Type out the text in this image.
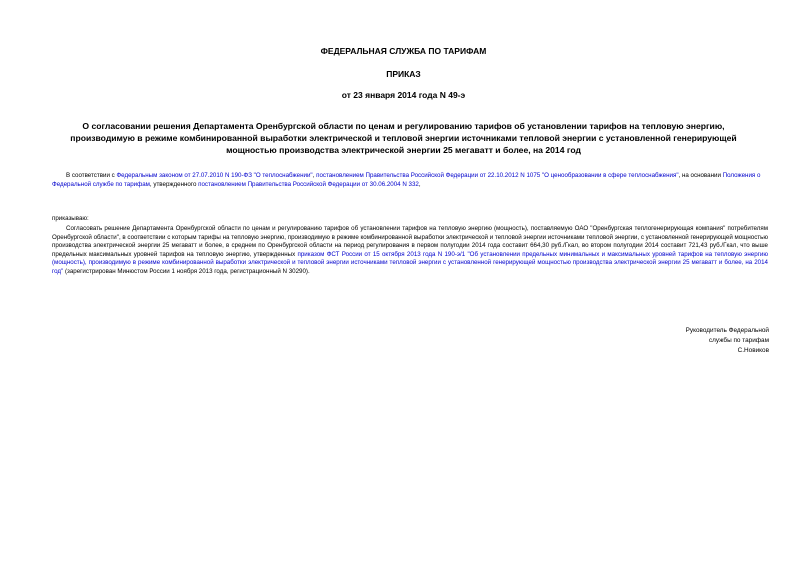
ФЕДЕРАЛЬНАЯ СЛУЖБА ПО ТАРИФАМ
ПРИКАЗ
от 23 января 2014 года N 49-э
О согласовании решения Департамента Оренбургской области по ценам и регулированию тарифов об установлении тарифов на тепловую энергию, производимую в режиме комбинированной выработки электрической и тепловой энергии источниками тепловой энергии с установленной генерирующей мощностью производства электрической энергии 25 мегаватт и более, на 2014 год
В соответствии с Федеральным законом от 27.07.2010 N 190-ФЗ "О теплоснабжении", постановлением Правительства Российской Федерации от 22.10.2012 N 1075 "О ценообразовании в сфере теплоснабжения", на основании Положения о Федеральной службе по тарифам, утвержденного постановлением Правительства Российской Федерации от 30.06.2004 N 332,
приказываю:
Согласовать решение Департамента Оренбургской области по ценам и регулированию тарифов об установлении тарифов на тепловую энергию (мощность), поставляемую ОАО "Оренбургская теплогенерирующая компания" потребителям Оренбургской области", в соответствии с которым тарифы на тепловую энергию, производимую в режиме комбинированной выработки электрической и тепловой энергии источниками тепловой энергии, с установленной генерирующей мощностью производства электрической энергии 25 мегаватт и более, в среднем по Оренбургской области на период регулирования в первом полугодии 2014 года составит 664,30 руб./Гкал, во втором полугодии 2014 составит 721,43 руб./Гкал, что выше предельных максимальных уровней тарифов на тепловую энергию, утвержденных приказом ФСТ России от 15 октября 2013 года N 190-э/1 "Об установлении предельных минимальных и максимальных уровней тарифов на тепловую энергию (мощность), производимую в режиме комбинированной выработки электрической и тепловой энергии источниками тепловой энергии с установленной генерирующей мощностью производства электрической энергии 25 мегаватт и более, на 2014 год" (зарегистрирован Минюстом России 1 ноября 2013 года, регистрационный N 30290).
Руководитель Федеральной
службы по тарифам
С.Новиков
